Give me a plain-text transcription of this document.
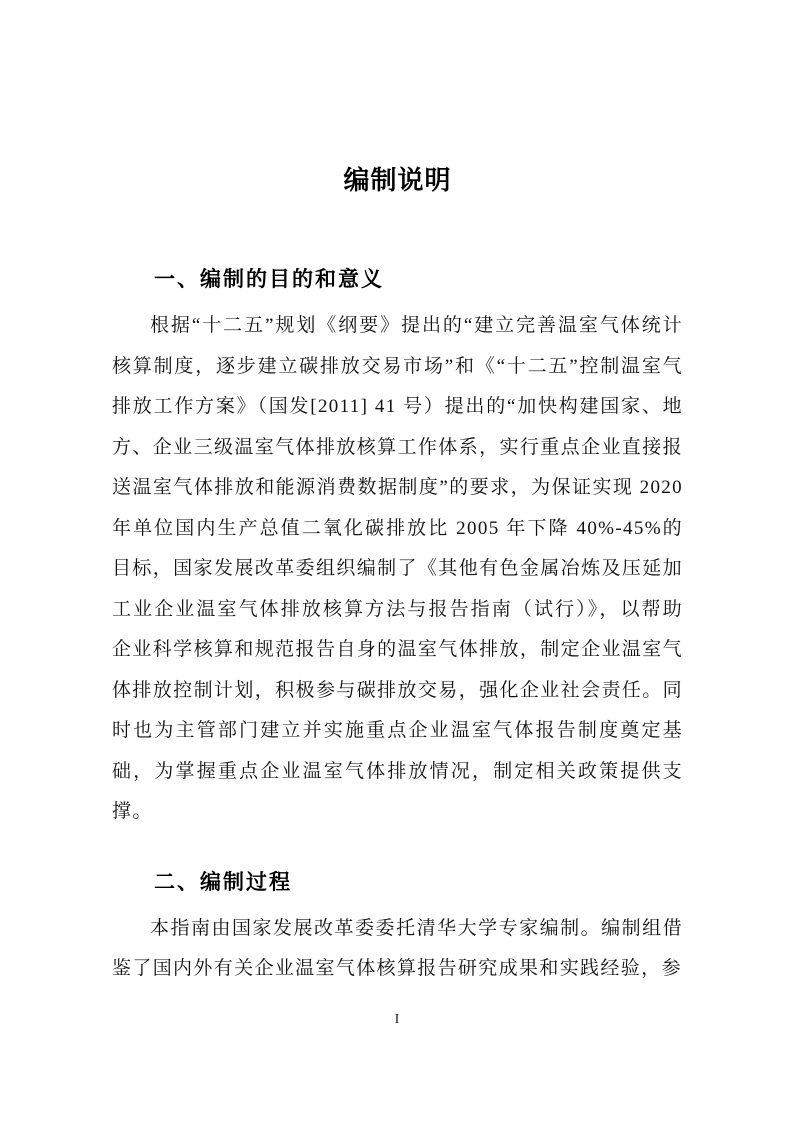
编制说明
一、编制的目的和意义

根据“十二五”规划《纲要》提出的“建立完善温室气体统计核算制度，逐步建立碳排放交易市场”和《“十二五”控制温室气排放工作方案》（国发[2011] 41 号）提出的“加快构建国家、地方、企业三级温室气体排放核算工作体系，实行重点企业直接报送温室气体排放和能源消费数据制度”的要求，为保证实现 2020 年单位国内生产总值二氧化碳排放比 2005 年下降 40%-45%的目标，国家发展改革委组织编制了《其他有色金属冶炼及压延加工业企业温室气体排放核算方法与报告指南（试行）》，以帮助企业科学核算和规范报告自身的温室气体排放，制定企业温室气体排放控制计划，积极参与碳排放交易，强化企业社会责任。同时也为主管部门建立并实施重点企业温室气体报告制度奠定基础，为掌握重点企业温室气体排放情况，制定相关政策提供支撑。

二、编制过程

本指南由国家发展改革委委托清华大学专家编制。编制组借鉴了国内外有关企业温室气体核算报告研究成果和实践经验，参

I
